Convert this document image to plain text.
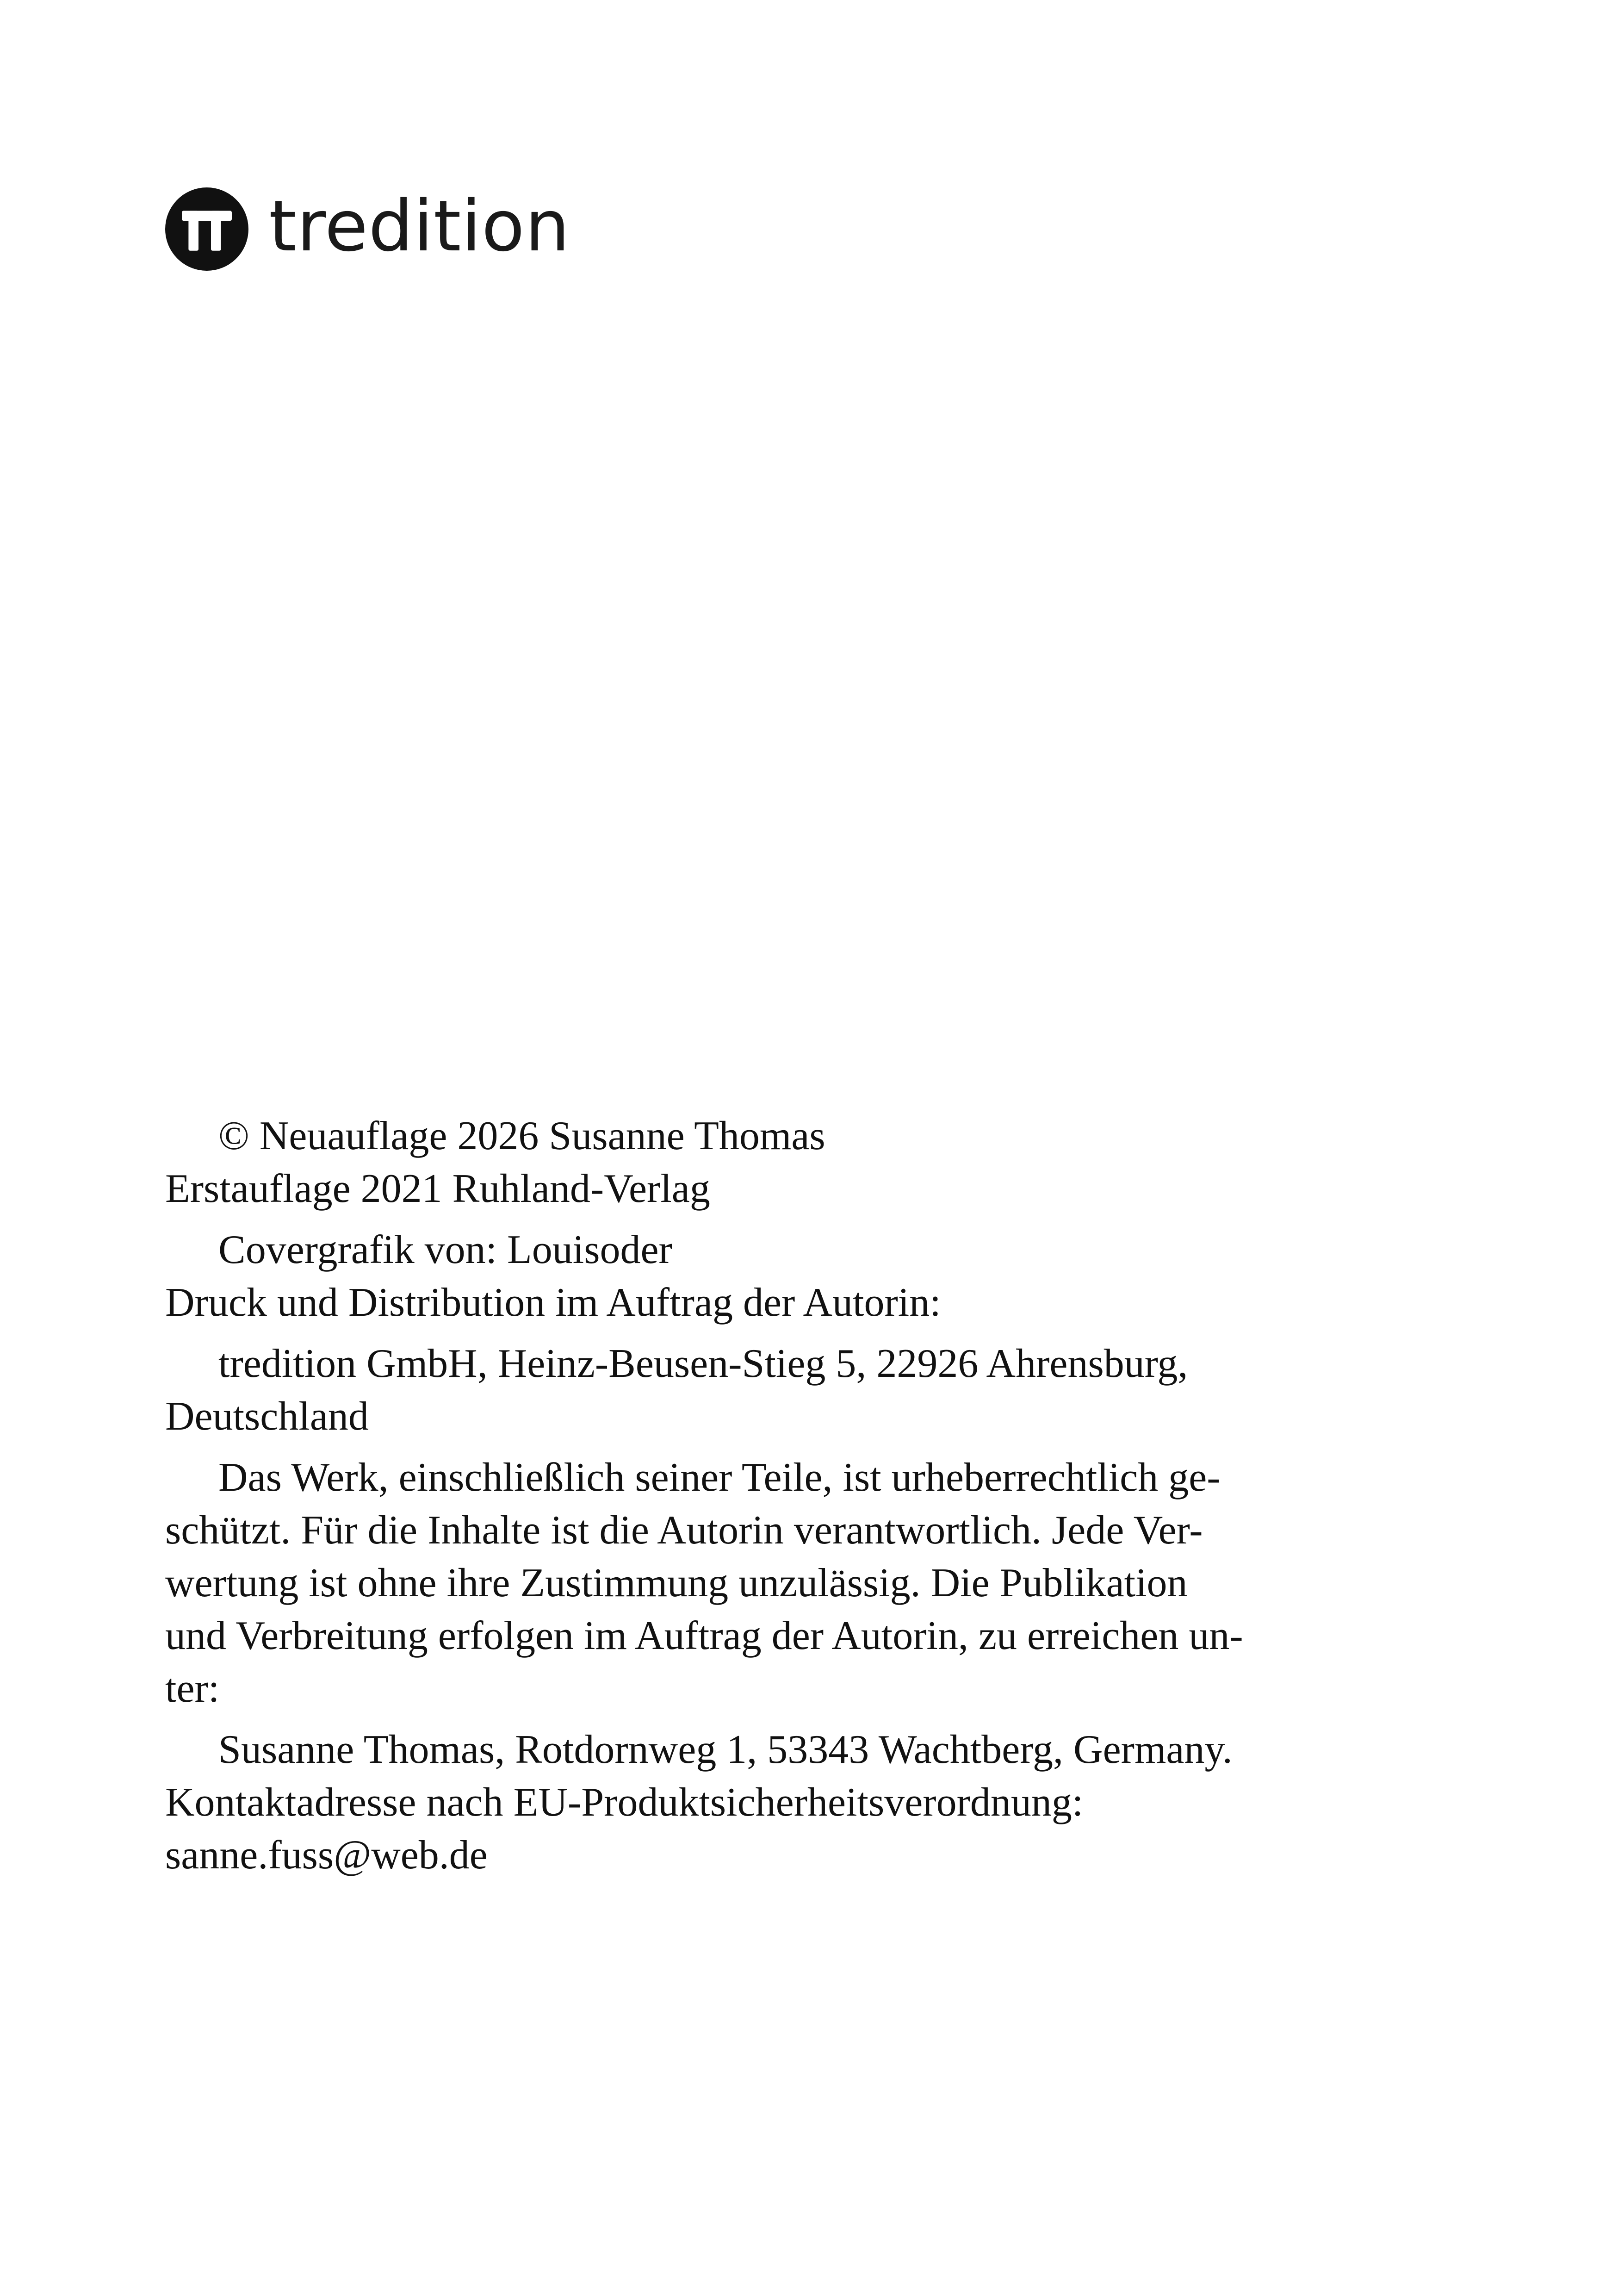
tredition
© Neuauflage 2026 Susanne Thomas
Erstauflage 2021 Ruhland-Verlag
Covergrafik von: Louisoder
Druck und Distribution im Auftrag der Autorin:
tredition GmbH, Heinz-Beusen-Stieg 5, 22926 Ahrensburg,
Deutschland
Das Werk, einschließlich seiner Teile, ist urheberrechtlich ge-
schützt. Für die Inhalte ist die Autorin verantwortlich. Jede Ver-
wertung ist ohne ihre Zustimmung unzulässig. Die Publikation
und Verbreitung erfolgen im Auftrag der Autorin, zu erreichen un-
ter:
Susanne Thomas, Rotdornweg 1, 53343 Wachtberg, Germany.
Kontaktadresse nach EU-Produktsicherheitsverordnung:
sanne.fuss@web.de
